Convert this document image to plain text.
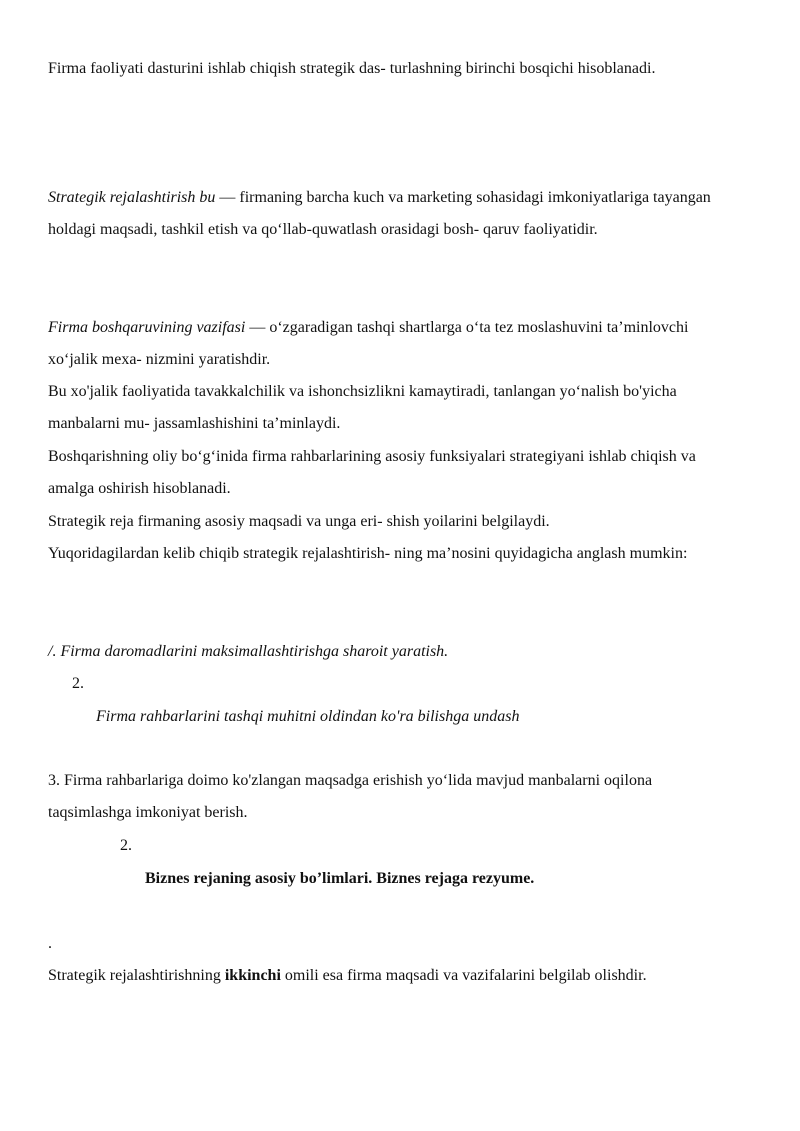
Firma faoliyati dasturini ishlab chiqish strategik das- turlashning birinchi bosqichi hisoblanadi.

Strategik rejalashtirish bu — firmaning barcha kuch va marketing sohasidagi imkoniyatlariga tayangan holdagi maqsadi, tashkil etish va qo‘llab-quwatlash orasidagi bosh- qaruv faoliyatidir.

Firma boshqaruvining vazifasi — o‘zgaradigan tashqi shartlarga o‘ta tez moslashuvini ta’minlovchi xo‘jalik mexa- nizmini yaratishdir.

Bu xo'jalik faoliyatida tavakkalchilik va ishonchsizlikni kamaytiradi, tanlangan yo‘nalish bo'yicha manbalarni mu- jassamlashishini ta’minlaydi.

Boshqarishning oliy bo‘g‘inida firma rahbarlarining asosiy funksiyalari strategiyani ishlab chiqish va amalga oshirish hisoblanadi.

Strategik reja firmaning asosiy maqsadi va unga eri- shish yoilarini belgilaydi.

Yuqoridagilardan kelib chiqib strategik rejalashtirish- ning ma’nosini quyidagicha anglash mumkin:

/. Firma daromadlarini maksimallashtirishga sharoit yaratish.

2.

Firma rahbarlarini tashqi muhitni oldindan ko'ra bilishga undash

3. Firma rahbarlariga doimo ko'zlangan maqsadga erishish yo‘lida mavjud manbalarni oqilona taqsimlashga imkoniyat berish.

2.

Biznes rejaning asosiy bo’limlari. Biznes rejaga rezyume.

.

Strategik rejalashtirishning ikkinchi omili esa firma maqsadi va vazifalarini belgilab olishdir.
